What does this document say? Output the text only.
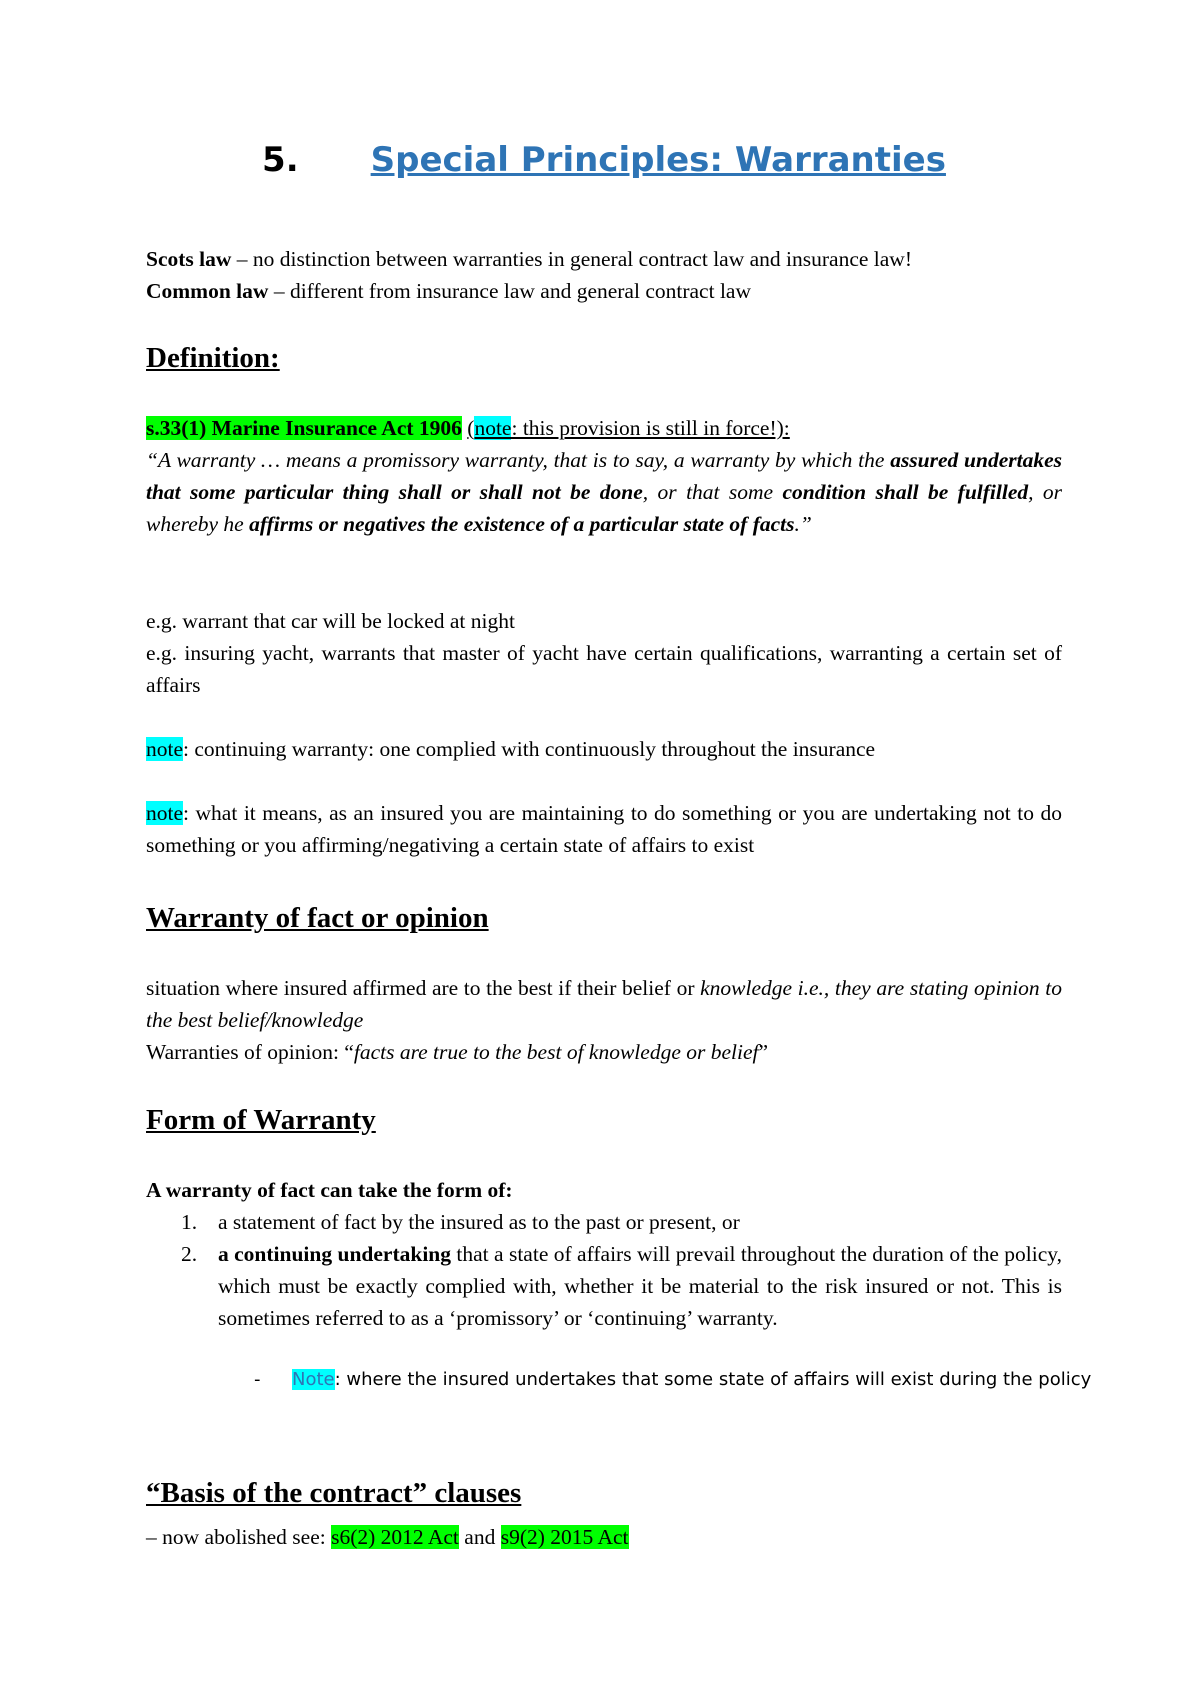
5. Special Principles: Warranties

Scots law – no distinction between warranties in general contract law and insurance law!

Common law – different from insurance law and general contract law

Definition:

s.33(1) Marine Insurance Act 1906 (note: this provision is still in force!):

“A warranty … means a promissory warranty, that is to say, a warranty by which the assured undertakes that some particular thing shall or shall not be done, or that some condition shall be fulfilled, or whereby he affirms or negatives the existence of a particular state of facts.”

e.g. warrant that car will be locked at night

e.g. insuring yacht, warrants that master of yacht have certain qualifications, warranting a certain set of affairs

note: continuing warranty: one complied with continuously throughout the insurance

note: what it means, as an insured you are maintaining to do something or you are undertaking not to do something or you affirming/negativing a certain state of affairs to exist

Warranty of fact or opinion

situation where insured affirmed are to the best if their belief or knowledge i.e., they are stating opinion to the best belief/knowledge

Warranties of opinion: “facts are true to the best of knowledge or belief”

Form of Warranty

A warranty of fact can take the form of:

1. a statement of fact by the insured as to the past or present, or
2. a continuing undertaking that a state of affairs will prevail throughout the duration of the policy, which must be exactly complied with, whether it be material to the risk insured or not. This is sometimes referred to as a ‘promissory’ or ‘continuing’ warranty.

- Note: where the insured undertakes that some state of affairs will exist during the policy

“Basis of the contract” clauses

– now abolished see: s6(2) 2012 Act and s9(2) 2015 Act
